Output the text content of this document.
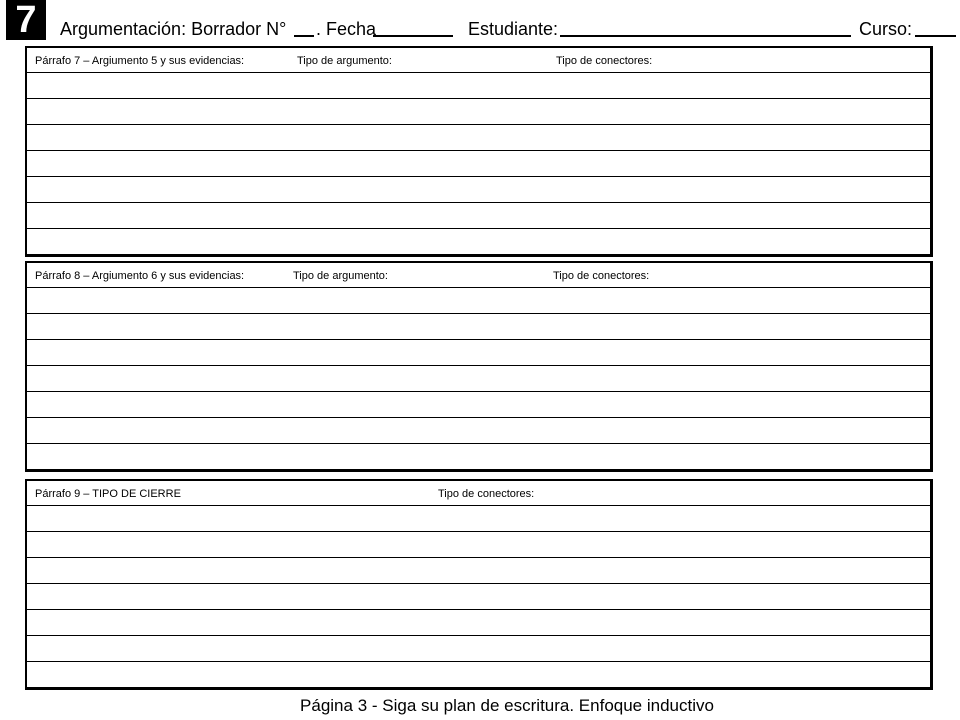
7	Argumentación: Borrador N° . Fecha	Estudiante:	Curso:
Párrafo 7 – Argiumento 5 y sus evidencias:	Tipo de argumento:	Tipo de conectores:
Párrafo 8 – Argiumento 6 y sus evidencias:	Tipo de argumento:	Tipo de conectores:
Párrafo 9 – TIPO DE CIERRE	Tipo de conectores:
Página 3 - Siga su plan de escritura. Enfoque inductivo
